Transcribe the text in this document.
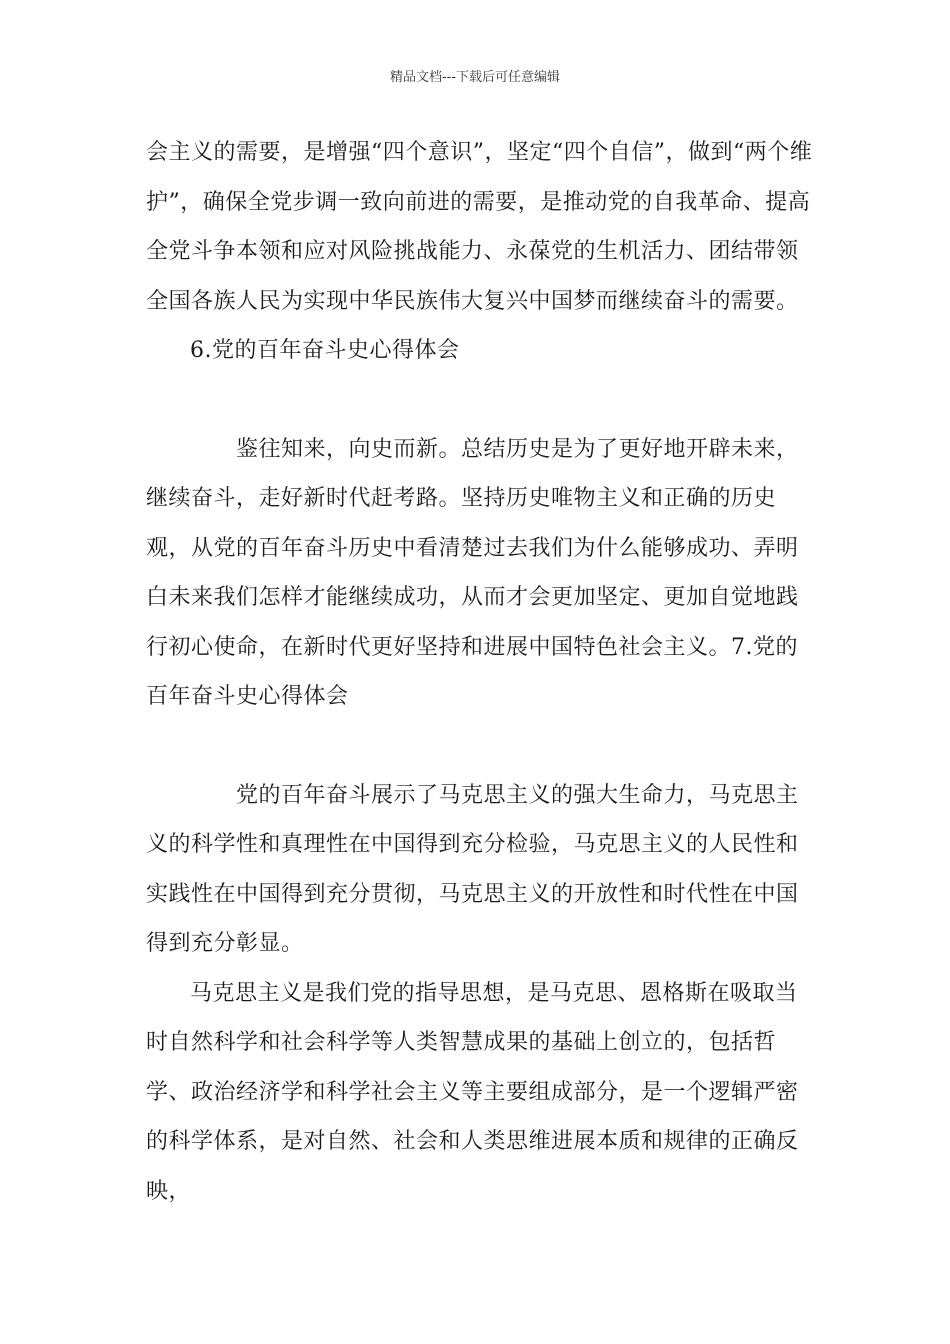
精品文档---下载后可任意编辑

会主义的需要，是增强“四个意识”，坚定“四个自信”，做到“两个维护”，确保全党步调一致向前进的需要，是推动党的自我革命、提高全党斗争本领和应对风险挑战能力、永葆党的生机活力、团结带领全国各族人民为实现中华民族伟大复兴中国梦而继续奋斗的需要。

6.党的百年奋斗史心得体会

鉴往知来，向史而新。总结历史是为了更好地开辟未来，继续奋斗，走好新时代赶考路。坚持历史唯物主义和正确的历史观，从党的百年奋斗历史中看清楚过去我们为什么能够成功、弄明白未来我们怎样才能继续成功，从而才会更加坚定、更加自觉地践行初心使命，在新时代更好坚持和进展中国特色社会主义。7.党的百年奋斗史心得体会

党的百年奋斗展示了马克思主义的强大生命力，马克思主义的科学性和真理性在中国得到充分检验，马克思主义的人民性和实践性在中国得到充分贯彻，马克思主义的开放性和时代性在中国得到充分彰显。

马克思主义是我们党的指导思想，是马克思、恩格斯在吸取当时自然科学和社会科学等人类智慧成果的基础上创立的，包括哲学、政治经济学和科学社会主义等主要组成部分，是一个逻辑严密的科学体系，是对自然、社会和人类思维进展本质和规律的正确反映，
